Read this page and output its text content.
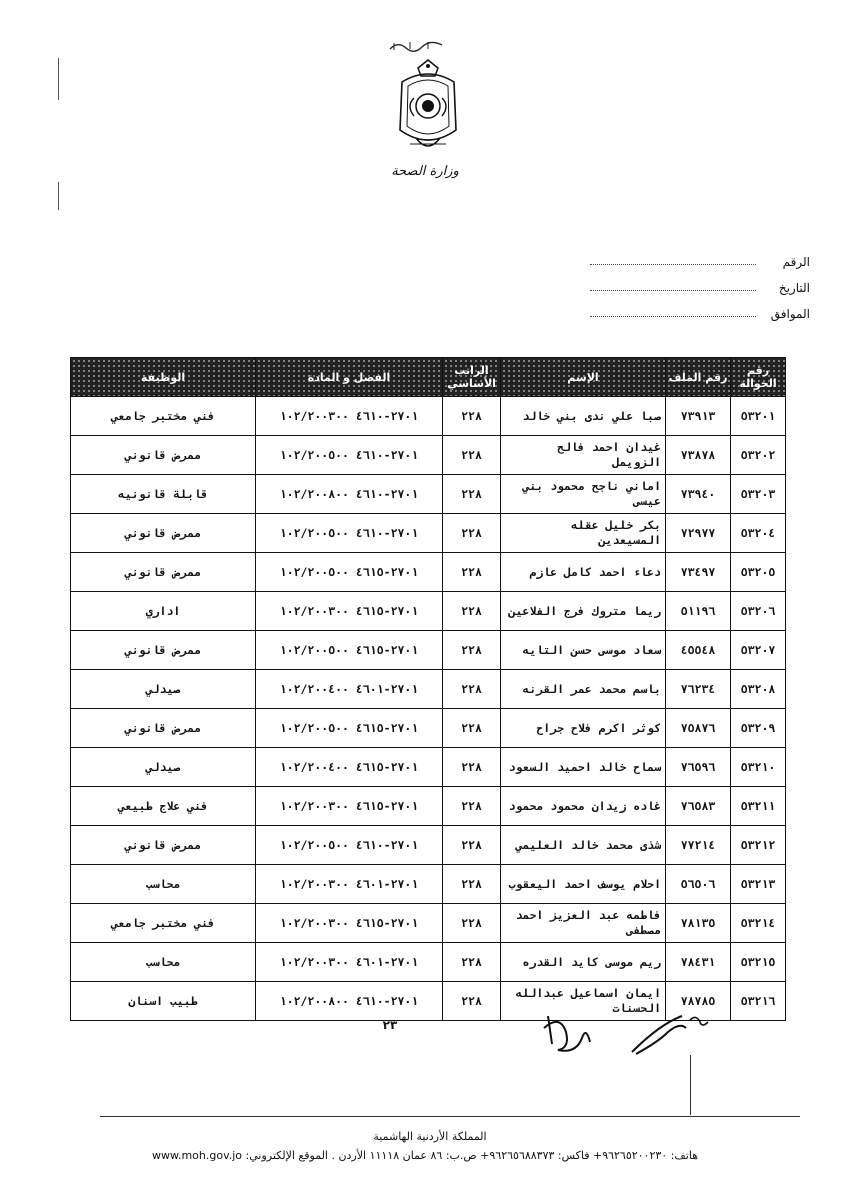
وزارة الصحة
الرقم
التاريخ
الموافق
رقم الحوالة	رقم الملف	الإسم	الراتب الأساسي	الفصل و المادة	الوظيفة
٥٣٢٠١	٧٣٩١٣	صبا علي ندى بني خالد	٢٢٨	٢٧٠١-٤٦١٠ ١٠٢/٢٠٠٣٠٠	فني مختبر جامعي
٥٣٢٠٢	٧٣٨٧٨	غيدان احمد فالح الزويمل	٢٢٨	٢٧٠١-٤٦١٠ ١٠٢/٢٠٠٥٠٠	ممرض قانوني
٥٣٢٠٣	٧٣٩٤٠	اماني ناجح محمود بني عيسى	٢٢٨	٢٧٠١-٤٦١٠ ١٠٢/٢٠٠٨٠٠	قابلة قانونيه
٥٣٢٠٤	٧٢٩٧٧	بكر خليل عقله المسيعدين	٢٢٨	٢٧٠١-٤٦١٠ ١٠٢/٢٠٠٥٠٠	ممرض قانوني
٥٣٢٠٥	٧٣٤٩٧	دعاء احمد كامل عازم	٢٢٨	٢٧٠١-٤٦١٥ ١٠٢/٢٠٠٥٠٠	ممرض قانوني
٥٣٢٠٦	٥١١٩٦	ريما متروك فرج الفلاعين	٢٢٨	٢٧٠١-٤٦١٥ ١٠٢/٢٠٠٣٠٠	اداري
٥٣٢٠٧	٤٥٥٤٨	سعاد موسى حسن التايه	٢٢٨	٢٧٠١-٤٦١٥ ١٠٢/٢٠٠٥٠٠	ممرض قانوني
٥٣٢٠٨	٧٦٢٣٤	باسم محمد عمر القرنه	٢٢٨	٢٧٠١-٤٦٠١ ١٠٢/٢٠٠٤٠٠	صيدلي
٥٣٢٠٩	٧٥٨٧٦	كوثر اكرم فلاح جراح	٢٢٨	٢٧٠١-٤٦١٥ ١٠٢/٢٠٠٥٠٠	ممرض قانوني
٥٣٢١٠	٧٦٥٩٦	سماح خالد احميد السعود	٢٢٨	٢٧٠١-٤٦١٥ ١٠٢/٢٠٠٤٠٠	صيدلي
٥٣٢١١	٧٦٥٨٣	غاده زيدان محمود محمود	٢٢٨	٢٧٠١-٤٦١٥ ١٠٢/٢٠٠٣٠٠	فني علاج طبيعي
٥٣٢١٢	٧٧٢١٤	شذى محمد خالد العليمي	٢٢٨	٢٧٠١-٤٦١٠ ١٠٢/٢٠٠٥٠٠	ممرض قانوني
٥٣٢١٣	٥٦٥٠٦	احلام يوسف احمد اليعقوب	٢٢٨	٢٧٠١-٤٦٠١ ١٠٢/٢٠٠٣٠٠	محاسب
٥٣٢١٤	٧٨١٣٥	فاطمه عبد العزيز احمد مصطفى	٢٢٨	٢٧٠١-٤٦١٥ ١٠٢/٢٠٠٣٠٠	فني مختبر جامعي
٥٣٢١٥	٧٨٤٣١	ريم موسى كايد القدره	٢٢٨	٢٧٠١-٤٦٠١ ١٠٢/٢٠٠٣٠٠	محاسب
٥٣٢١٦	٧٨٧٨٥	ايمان اسماعيل عبدالله الحسنات	٢٢٨	٢٧٠١-٤٦١٠ ١٠٢/٢٠٠٨٠٠	طبيب اسنان
٢٣
المملكة الأردنية الهاشمية
هاتف: ٩٦٢٦٥٢٠٠٢٣٠+ فاكس: ٩٦٢٦٥٦٨٨٣٧٣+ ص.ب: ٨٦ عمان ١١١١٨ الأردن . الموقع الإلكتروني: www.moh.gov.jo
